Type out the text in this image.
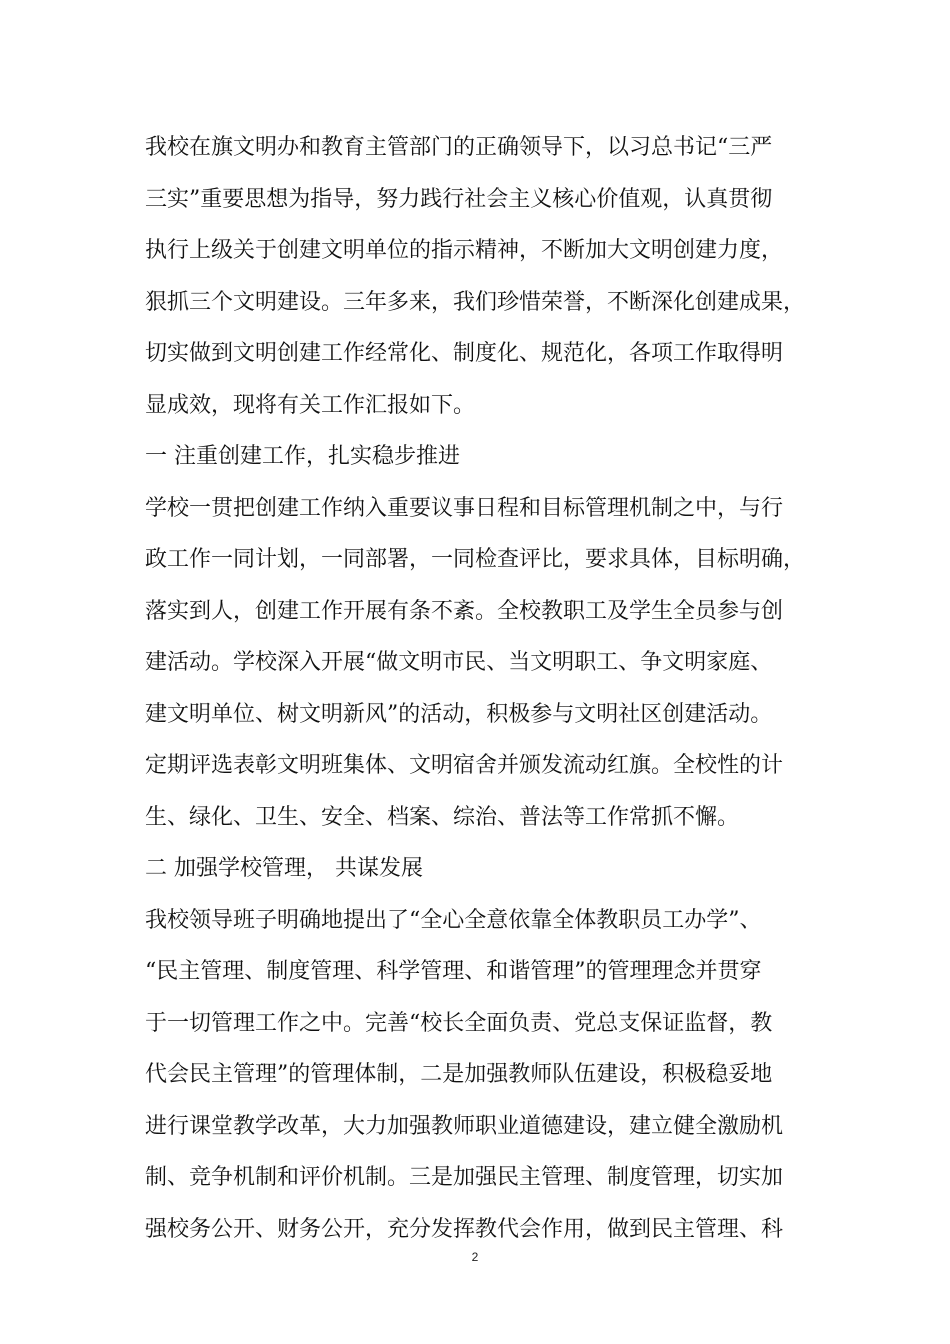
我校在旗文明办和教育主管部门的正确领导下，以习总书记“三严
三实”重要思想为指导，努力践行社会主义核心价值观，认真贯彻
执行上级关于创建文明单位的指示精神，不断加大文明创建力度，
狠抓三个文明建设。三年多来，我们珍惜荣誉，不断深化创建成果，
切实做到文明创建工作经常化、制度化、规范化，各项工作取得明
显成效，现将有关工作汇报如下。
一 注重创建工作，扎实稳步推进
学校一贯把创建工作纳入重要议事日程和目标管理机制之中，与行
政工作一同计划，一同部署，一同检查评比，要求具体，目标明确，
落实到人，创建工作开展有条不紊。全校教职工及学生全员参与创
建活动。学校深入开展“做文明市民、当文明职工、争文明家庭、
建文明单位、树文明新风”的活动，积极参与文明社区创建活动。
定期评选表彰文明班集体、文明宿舍并颁发流动红旗。全校性的计
生、绿化、卫生、安全、档案、综治、普法等工作常抓不懈。
二 加强学校管理， 共谋发展
我校领导班子明确地提出了“全心全意依靠全体教职员工办学”、
“民主管理、制度管理、科学管理、和谐管理”的管理理念并贯穿
于一切管理工作之中。完善“校长全面负责、党总支保证监督，教
代会民主管理”的管理体制，二是加强教师队伍建设，积极稳妥地
进行课堂教学改革，大力加强教师职业道德建设，建立健全激励机
制、竞争机制和评价机制。三是加强民主管理、制度管理，切实加
强校务公开、财务公开，充分发挥教代会作用，做到民主管理、科
2
